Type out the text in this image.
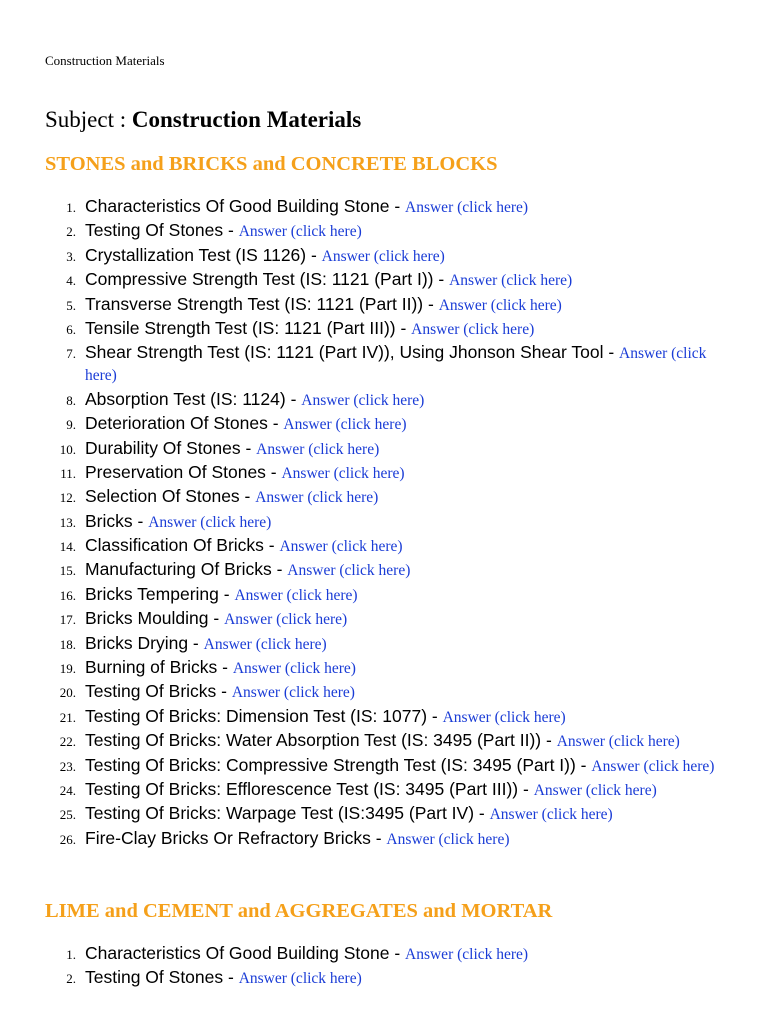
Construction Materials
Subject : Construction Materials
STONES and BRICKS and CONCRETE BLOCKS
1. Characteristics Of Good Building Stone - Answer (click here)
2. Testing Of Stones - Answer (click here)
3. Crystallization Test (IS 1126) - Answer (click here)
4. Compressive Strength Test (IS: 1121 (Part I)) - Answer (click here)
5. Transverse Strength Test (IS: 1121 (Part II)) - Answer (click here)
6. Tensile Strength Test (IS: 1121 (Part III)) - Answer (click here)
7. Shear Strength Test (IS: 1121 (Part IV)), Using Jhonson Shear Tool - Answer (click here)
8. Absorption Test (IS: 1124) - Answer (click here)
9. Deterioration Of Stones - Answer (click here)
10. Durability Of Stones - Answer (click here)
11. Preservation Of Stones - Answer (click here)
12. Selection Of Stones - Answer (click here)
13. Bricks - Answer (click here)
14. Classification Of Bricks - Answer (click here)
15. Manufacturing Of Bricks - Answer (click here)
16. Bricks Tempering - Answer (click here)
17. Bricks Moulding - Answer (click here)
18. Bricks Drying - Answer (click here)
19. Burning of Bricks - Answer (click here)
20. Testing Of Bricks - Answer (click here)
21. Testing Of Bricks: Dimension Test (IS: 1077) - Answer (click here)
22. Testing Of Bricks: Water Absorption Test (IS: 3495 (Part II)) - Answer (click here)
23. Testing Of Bricks: Compressive Strength Test (IS: 3495 (Part I)) - Answer (click here)
24. Testing Of Bricks: Efflorescence Test (IS: 3495 (Part III)) - Answer (click here)
25. Testing Of Bricks: Warpage Test (IS:3495 (Part IV) - Answer (click here)
26. Fire-Clay Bricks Or Refractory Bricks - Answer (click here)
LIME and CEMENT and AGGREGATES and MORTAR
1. Characteristics Of Good Building Stone - Answer (click here)
2. Testing Of Stones - Answer (click here)
